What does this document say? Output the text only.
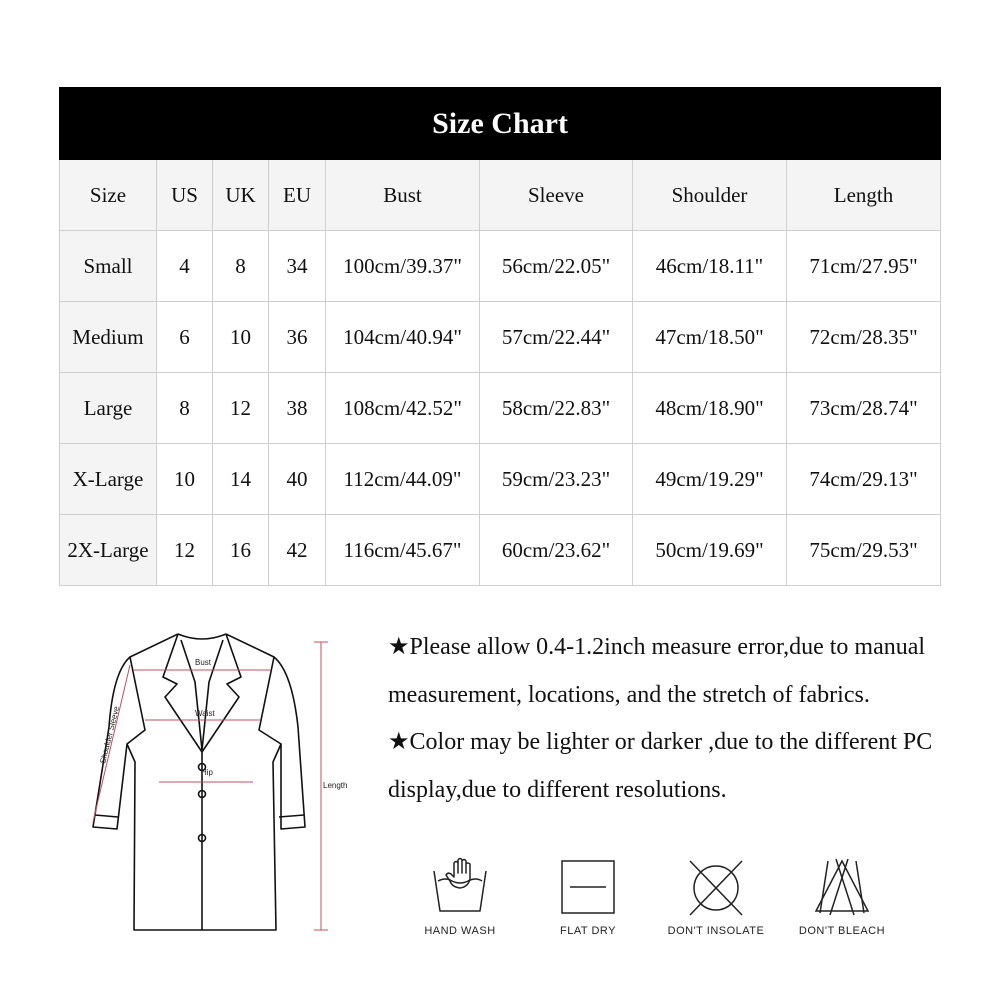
Size Chart							
Size	US	UK	EU	Bust	Sleeve	Shoulder	Length
Small	4	8	34	100cm/39.37"	56cm/22.05"	46cm/18.11"	71cm/27.95"
Medium	6	10	36	104cm/40.94"	57cm/22.44"	47cm/18.50"	72cm/28.35"
Large	8	12	38	108cm/42.52"	58cm/22.83"	48cm/18.90"	73cm/28.74"
X-Large	10	14	40	112cm/44.09"	59cm/23.23"	49cm/19.29"	74cm/29.13"
2X-Large	12	16	42	116cm/45.67"	60cm/23.62"	50cm/19.69"	75cm/29.53"
Bust
Waist
Hip
Length
Shoulder Sleeve

★Please allow 0.4-1.2inch measure error,due to manual measurement, locations, and the stretch of fabrics.

★Color may be lighter or darker ,due to the different PC display,due to different resolutions.

HAND WASH	FLAT DRY	DON'T INSOLATE	DON'T BLEACH
